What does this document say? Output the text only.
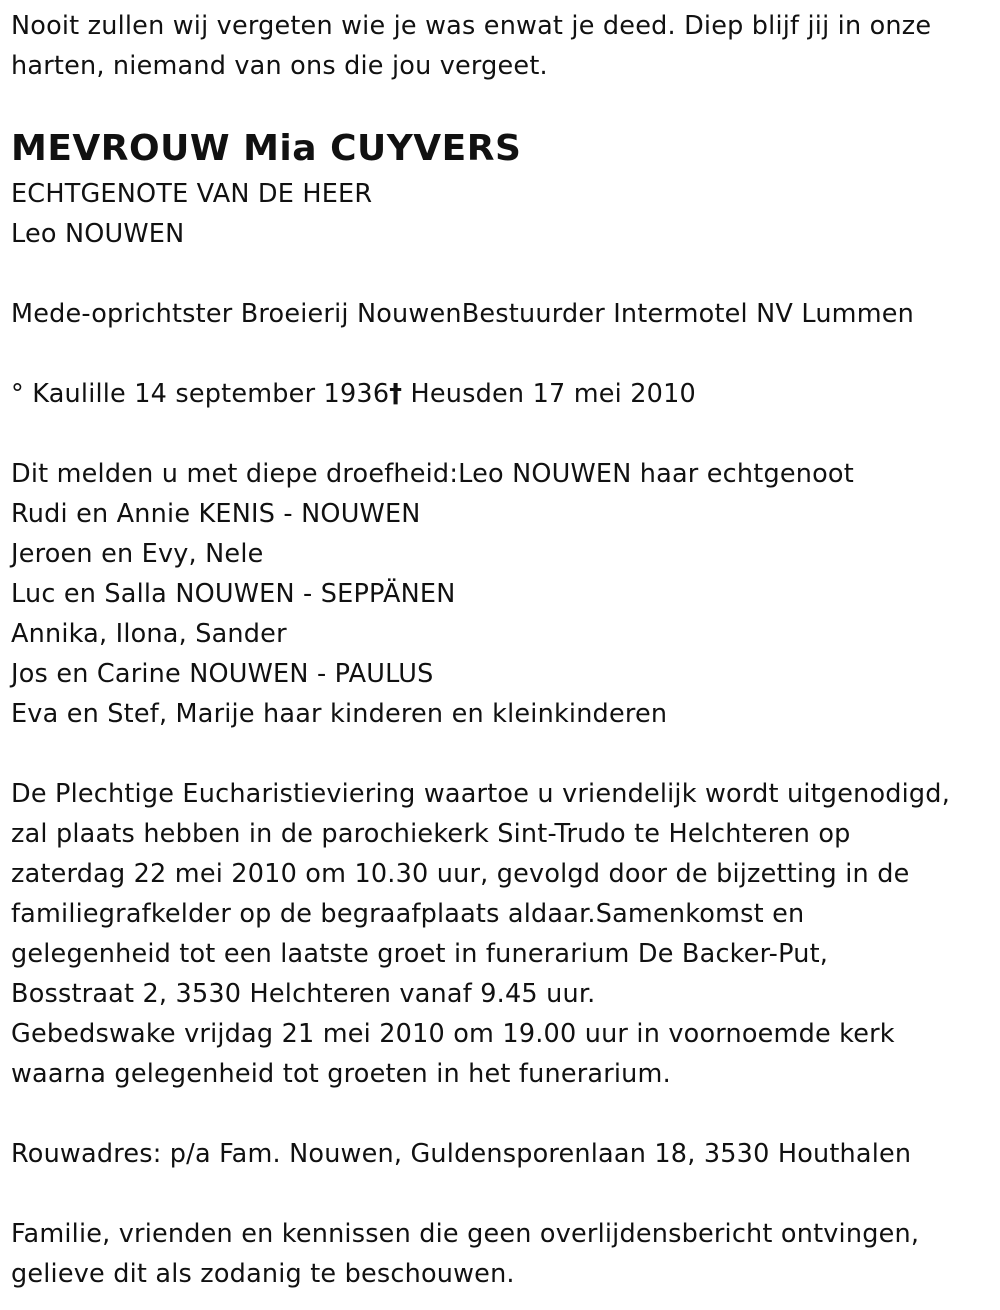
Nooit zullen wij vergeten wie je was enwat je deed. Diep blijf jij in onze
harten, niemand van ons die jou vergeet.
MEVROUW Mia CUYVERS
ECHTGENOTE VAN DE HEER
Leo NOUWEN
Mede-oprichtster Broeierij NouwenBestuurder Intermotel NV Lummen
° Kaulille 14 september 1936† Heusden 17 mei 2010
Dit melden u met diepe droefheid:Leo NOUWEN haar echtgenoot
Rudi en Annie KENIS - NOUWEN
Jeroen en Evy, Nele
Luc en Salla NOUWEN - SEPPÄNEN
Annika, Ilona, Sander
Jos en Carine NOUWEN - PAULUS
Eva en Stef, Marije haar kinderen en kleinkinderen
De Plechtige Eucharistieviering waartoe u vriendelijk wordt uitgenodigd,
zal plaats hebben in de parochiekerk Sint-Trudo te Helchteren op
zaterdag 22 mei 2010 om 10.30 uur, gevolgd door de bijzetting in de
familiegrafkelder op de begraafplaats aldaar.Samenkomst en
gelegenheid tot een laatste groet in funerarium De Backer-Put,
Bosstraat 2, 3530 Helchteren vanaf 9.45 uur.
Gebedswake vrijdag 21 mei 2010 om 19.00 uur in voornoemde kerk
waarna gelegenheid tot groeten in het funerarium.
Rouwadres: p/a Fam. Nouwen, Guldensporenlaan 18, 3530 Houthalen
Familie, vrienden en kennissen die geen overlijdensbericht ontvingen,
gelieve dit als zodanig te beschouwen.
